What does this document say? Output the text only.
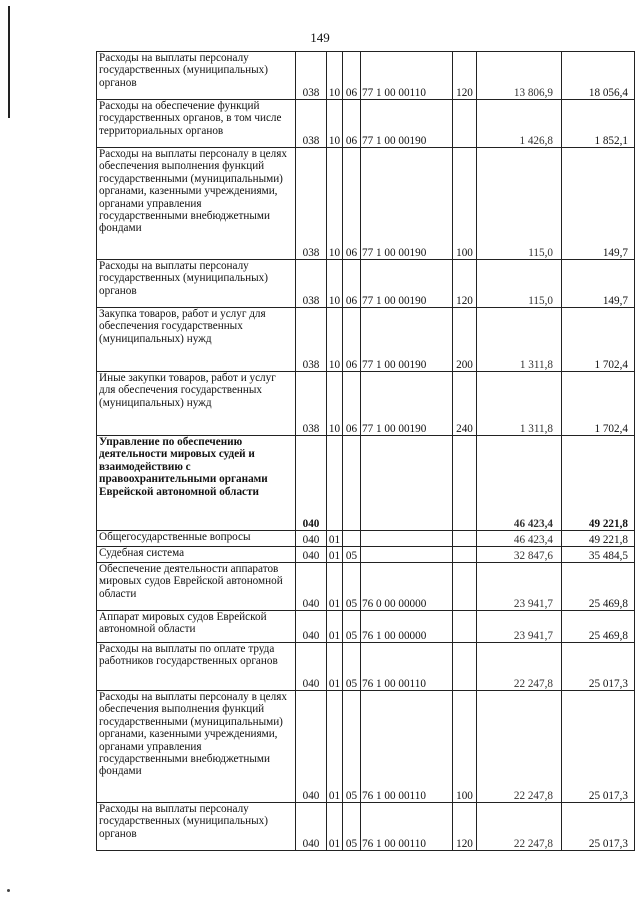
149
Расходы на выплаты персоналу государственных (муниципальных) органов	038	10	06	77 1 00 00110	120	13 806,9	18 056,4

Расходы на обеспечение функций государственных органов, в том числе территориальных органов	038	10	06	77 1 00 00190		1 426,8	1 852,1

Расходы на выплаты персоналу в целях обеспечения выполнения функций государственными (муниципальными) органами, казенными учреждениями, органами управления государственными внебюджетными фондами	038	10	06	77 1 00 00190	100	115,0	149,7

Расходы на выплаты персоналу государственных (муниципальных) органов	038	10	06	77 1 00 00190	120	115,0	149,7

Закупка товаров, работ и услуг для обеспечения государственных (муниципальных) нужд	038	10	06	77 1 00 00190	200	1 311,8	1 702,4

Иные закупки товаров, работ и услуг для обеспечения государственных (муниципальных) нужд	038	10	06	77 1 00 00190	240	1 311,8	1 702,4

Управление по обеспечению деятельности мировых судей и взаимодействию с правоохранительными органами Еврейской автономной области	040					46 423,4	49 221,8

Общегосударственные вопросы	040	01				46 423,4	49 221,8

Судебная система	040	01	05			32 847,6	35 484,5

Обеспечение деятельности аппаратов мировых судов Еврейской автономной области	040	01	05	76 0 00 00000		23 941,7	25 469,8

Аппарат мировых судов Еврейской автономной области	040	01	05	76 1 00 00000		23 941,7	25 469,8

Расходы на выплаты по оплате труда работников государственных органов	040	01	05	76 1 00 00110		22 247,8	25 017,3

Расходы на выплаты персоналу в целях обеспечения выполнения функций государственными (муниципальными) органами, казенными учреждениями, органами управления государственными внебюджетными фондами	040	01	05	76 1 00 00110	100	22 247,8	25 017,3

Расходы на выплаты персоналу государственных (муниципальных) органов	040	01	05	76 1 00 00110	120	22 247,8	25 017,3
